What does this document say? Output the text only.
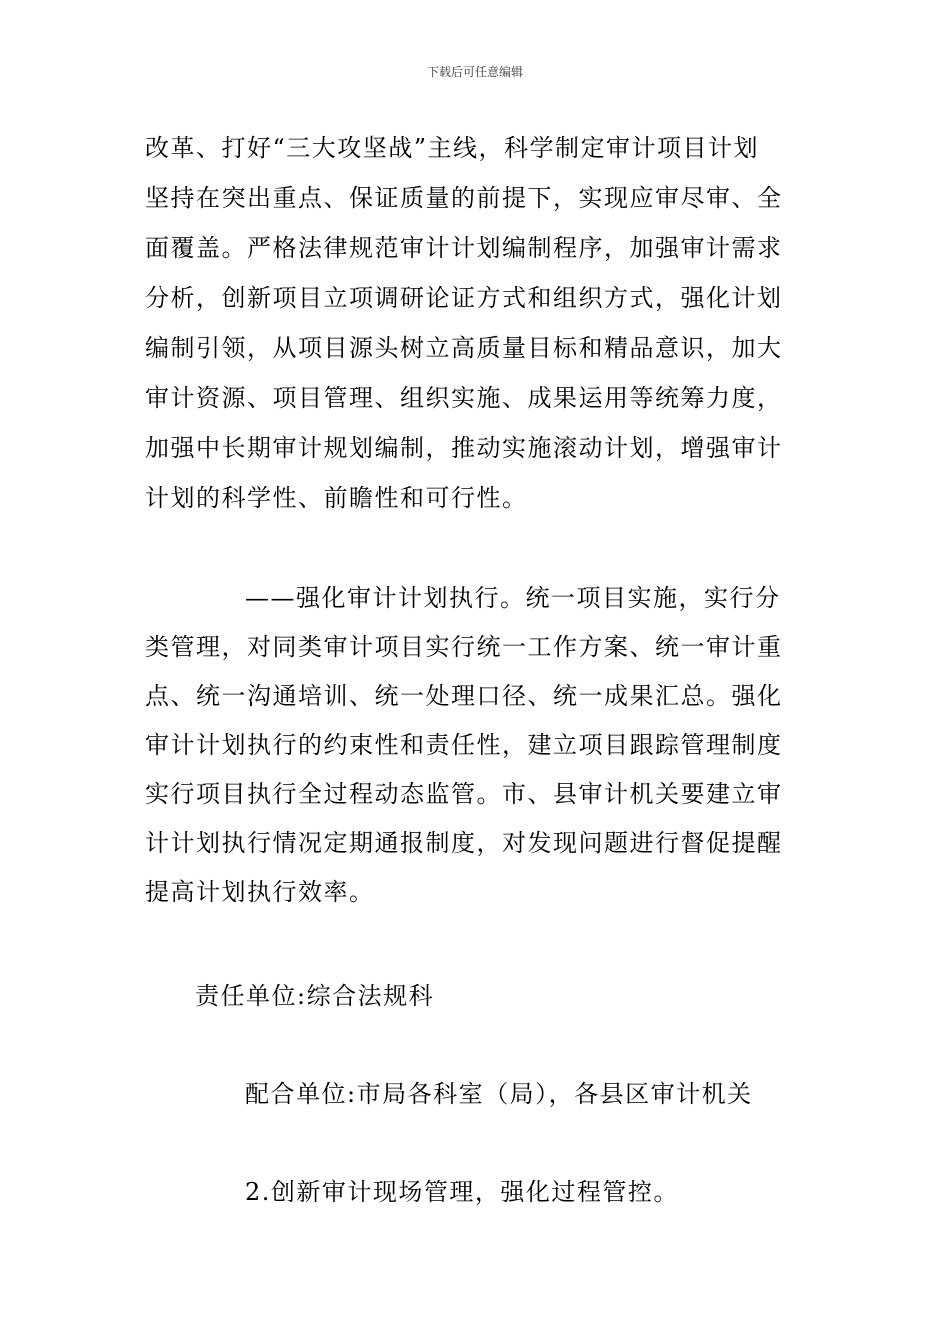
下载后可任意编辑
改革、打好“三大攻坚战”主线，科学制定审计项目计划
坚持在突出重点、保证质量的前提下，实现应审尽审、全
面覆盖。严格法律规范审计计划编制程序，加强审计需求
分析，创新项目立项调研论证方式和组织方式，强化计划
编制引领，从项目源头树立高质量目标和精品意识，加大
审计资源、项目管理、组织实施、成果运用等统筹力度，
加强中长期审计规划编制，推动实施滚动计划，增强审计
计划的科学性、前瞻性和可行性。
——强化审计计划执行。统一项目实施，实行分
类管理，对同类审计项目实行统一工作方案、统一审计重
点、统一沟通培训、统一处理口径、统一成果汇总。强化
审计计划执行的约束性和责任性，建立项目跟踪管理制度
实行项目执行全过程动态监管。市、县审计机关要建立审
计计划执行情况定期通报制度，对发现问题进行督促提醒
提高计划执行效率。
责任单位:综合法规科
配合单位:市局各科室（局），各县区审计机关
2.创新审计现场管理，强化过程管控。
